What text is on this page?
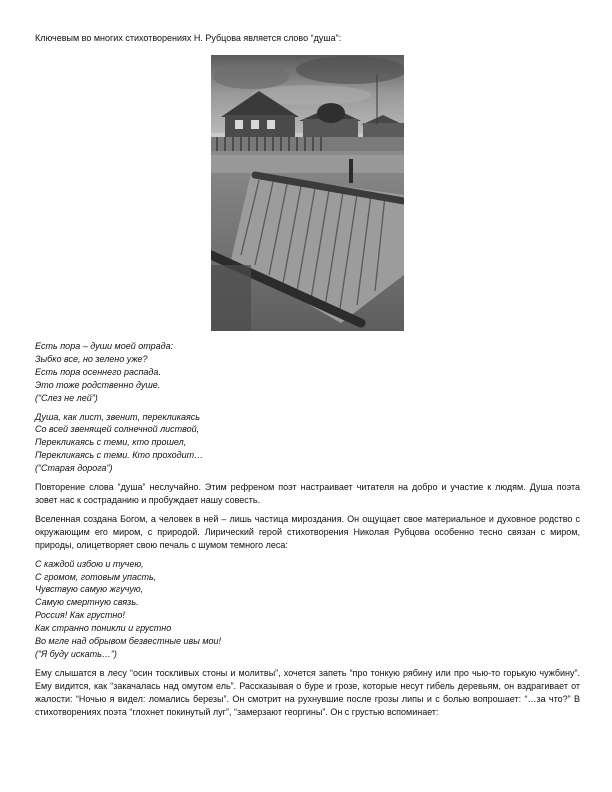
Ключевым во многих стихотворениях Н. Рубцова является слово “душа”:

Есть пора – души моей отрада:
Зыбко все, но зелено уже?
Есть пора осеннего распада.
Это тоже родственно душе.
(“Слез не лей”)
Душа, как лист, звенит, перекликаясь
Со всей звенящей солнечной листвой,
Перекликаясь с теми, кто прошел,
Перекликаясь с теми. Кто проходит…
(“Старая дорога”)

Повторение слова “душа” неслучайно. Этим рефреном поэт настраивает читателя на добро и участие к людям. Душа поэта зовет нас к состраданию и пробуждает нашу совесть.

Вселенная создана Богом, а человек в ней – лишь частица мироздания. Он ощущает свое материальное и духовное родство с окружающим его миром, с природой. Лирический герой стихотворения Николая Рубцова особенно тесно связан с миром, природы, олицетворяет свою печаль с шумом темного леса:

С каждой избою и тучею,
С громом, готовым упасть,
Чувствую самую жгучую,
Самую смертную связь.
Россия! Как грустно!
Как странно поникли и грустно
Во мгле над обрывом безвестные ивы мои!
(“Я буду искать…”)

Ему слышатся в лесу “осин тоскливых стоны и молитвы”, хочется запеть “про тонкую рябину или про чью-то горькую чужбину”. Ему видится, как “закачалась над омутом ель”. Рассказывая о буре и грозе, которые несут гибель деревьям, он вздрагивает от жалости: “Ночью я видел: ломались березы”. Он смотрит на рухнувшие после грозы липы и с болью вопрошает: “…за что?” В стихотворениях поэта “глохнет покинутый луг”, “замерзают георгины”. Он с грустью вспоминает:
